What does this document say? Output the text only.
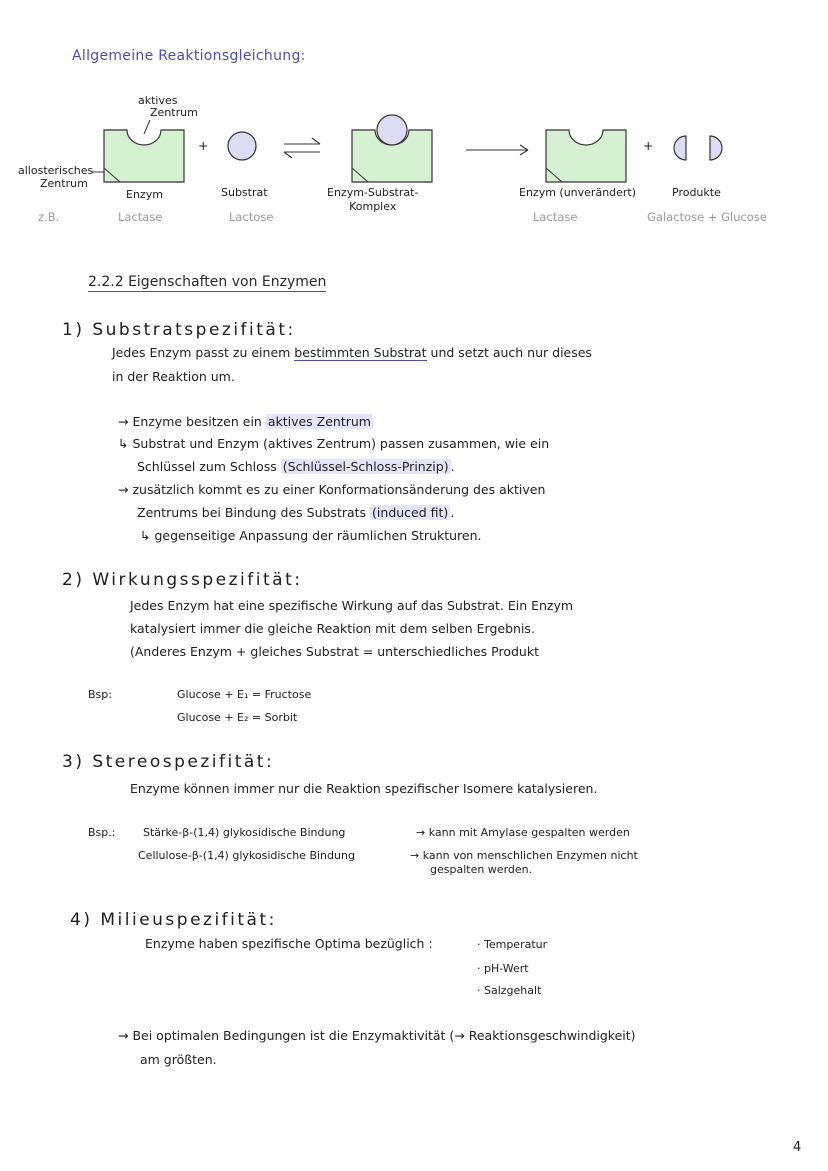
Allgemeine Reaktionsgleichung:
aktives
Zentrum
allosterisches
Zentrum
+	+
Enzym	Substrat	Enzym-Substrat-
Komplex
Enzym (unverändert)	Produkte
z.B.	Lactase	Lactose	Lactase	Galactose + Glucose
2.2.2 Eigenschaften von Enzymen
1) Substratspezifität:
Jedes Enzym passt zu einem bestimmten Substrat und setzt auch nur dieses
in der Reaktion um.
→ Enzyme besitzen ein aktives Zentrum
↳ Substrat und Enzym (aktives Zentrum) passen zusammen, wie ein
Schlüssel zum Schloss (Schlüssel-Schloss-Prinzip) .
→ zusätzlich kommt es zu einer Konformationsänderung des aktiven
Zentrums bei Bindung des Substrats (induced fit) .
↳ gegenseitige Anpassung der räumlichen Strukturen.
2) Wirkungsspezifität:
Jedes Enzym hat eine spezifische Wirkung auf das Substrat. Ein Enzym
katalysiert immer die gleiche Reaktion mit dem selben Ergebnis.
(Anderes Enzym + gleiches Substrat = unterschiedliches Produkt
Bsp:	Glucose + E₁ = Fructose
Glucose + E₂ = Sorbit
3) Stereospezifität:
Enzyme können immer nur die Reaktion spezifischer Isomere katalysieren.
Bsp.:	Stärke-β-(1,4) glykosidische Bindung	→ kann mit Amylase gespalten werden
Cellulose-β-(1,4) glykosidische Bindung	→ kann von menschlichen Enzymen nicht
gespalten werden.
4) Milieuspezifität:
Enzyme haben spezifische Optima bezüglich :	· Temperatur
· pH-Wert
· Salzgehalt
→ Bei optimalen Bedingungen ist die Enzymaktivität (→ Reaktionsgeschwindigkeit)
am größten.
4
